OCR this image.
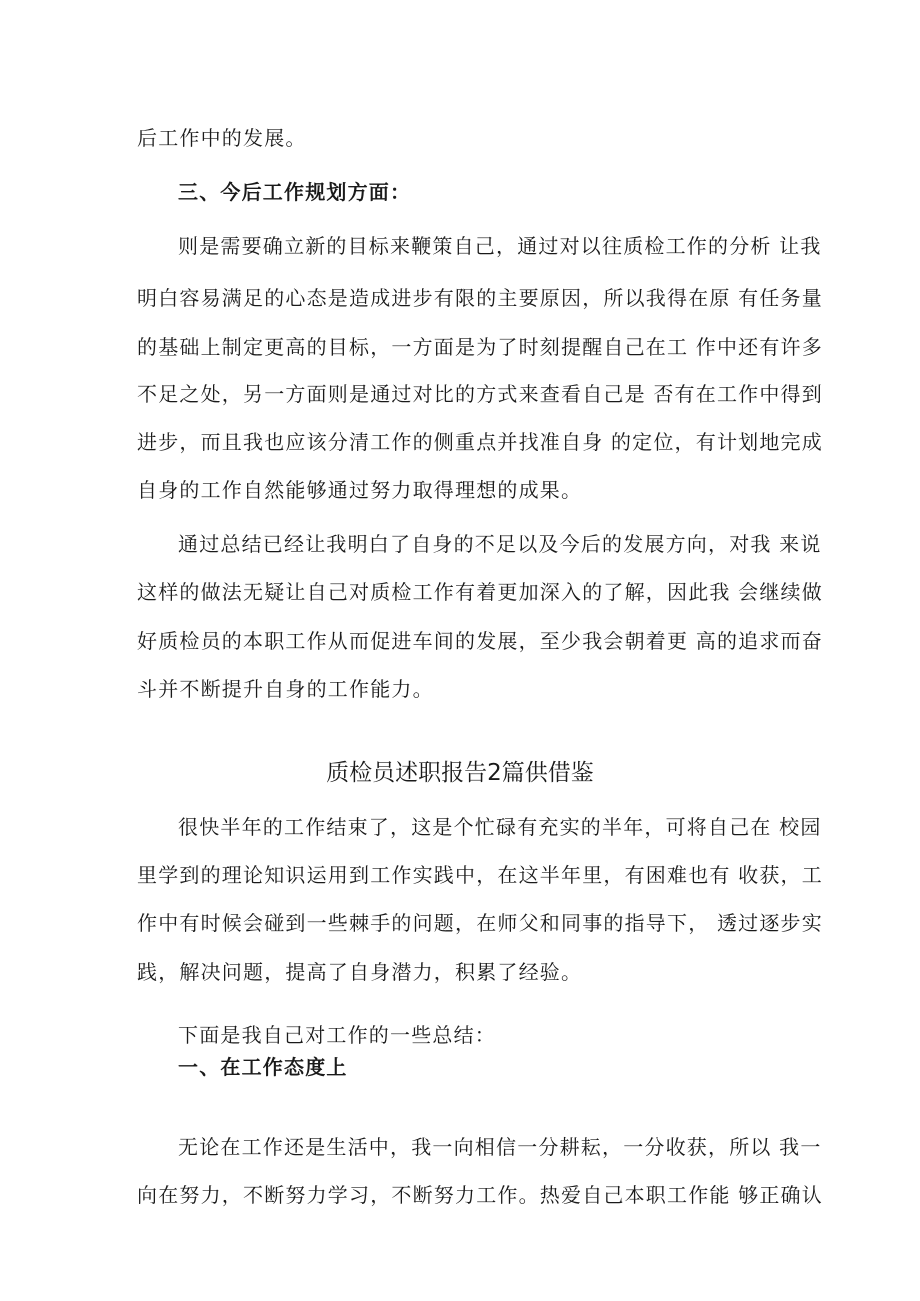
后工作中的发展。
三、今后工作规划方面：
则是需要确立新的目标来鞭策自己，通过对以往质检工作的分析 让我
明白容易满足的心态是造成进步有限的主要原因，所以我得在原 有任务量
的基础上制定更高的目标，一方面是为了时刻提醒自己在工 作中还有许多
不足之处，另一方面则是通过对比的方式来查看自己是 否有在工作中得到
进步，而且我也应该分清工作的侧重点并找准自身 的定位，有计划地完成
自身的工作自然能够通过努力取得理想的成果。
通过总结已经让我明白了自身的不足以及今后的发展方向，对我 来说
这样的做法无疑让自己对质检工作有着更加深入的了解，因此我 会继续做
好质检员的本职工作从而促进车间的发展，至少我会朝着更 高的追求而奋
斗并不断提升自身的工作能力。
质检员述职报告2篇供借鉴
很快半年的工作结束了，这是个忙碌有充实的半年，可将自己在 校园
里学到的理论知识运用到工作实践中，在这半年里，有困难也有 收获，工
作中有时候会碰到一些棘手的问题，在师父和同事的指导下， 透过逐步实
践，解决问题，提高了自身潜力，积累了经验。
下面是我自己对工作的一些总结：
一、在工作态度上
无论在工作还是生活中，我一向相信一分耕耘，一分收获，所以 我一
向在努力，不断努力学习，不断努力工作。热爱自己本职工作能 够正确认
